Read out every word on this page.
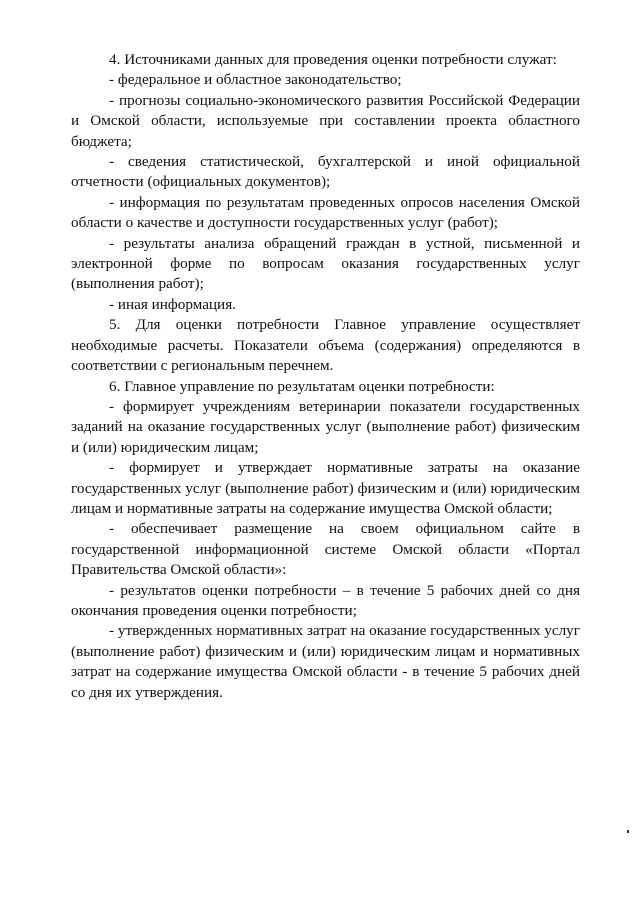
4. Источниками данных для проведения оценки потребности служат:

- федеральное и областное законодательство;

- прогнозы социально-экономического развития Российской Федерации и Омской области, используемые при составлении проекта областного бюджета;

- сведения статистической, бухгалтерской и иной официальной отчетности (официальных документов);

- информация по результатам проведенных опросов населения Омской области о качестве и доступности государственных услуг (работ);

- результаты анализа обращений граждан в устной, письменной и электронной форме по вопросам оказания государственных услуг (выполнения работ);

- иная информация.

5. Для оценки потребности Главное управление осуществляет необходимые расчеты. Показатели объема (содержания) определяются в соответствии с региональным перечнем.

6. Главное управление по результатам оценки потребности:

- формирует учреждениям ветеринарии показатели государственных заданий на оказание государственных услуг (выполнение работ) физическим и (или) юридическим лицам;

- формирует и утверждает нормативные затраты на оказание государственных услуг (выполнение работ) физическим и (или) юридическим лицам и нормативные затраты на содержание имущества Омской области;

- обеспечивает размещение на своем официальном сайте в государственной информационной системе Омской области «Портал Правительства Омской области»:

- результатов оценки потребности – в течение 5 рабочих дней со дня окончания проведения оценки потребности;

- утвержденных нормативных затрат на оказание государственных услуг (выполнение работ) физическим и (или) юридическим лицам и нормативных затрат на содержание имущества Омской области - в течение 5 рабочих дней со дня их утверждения.
